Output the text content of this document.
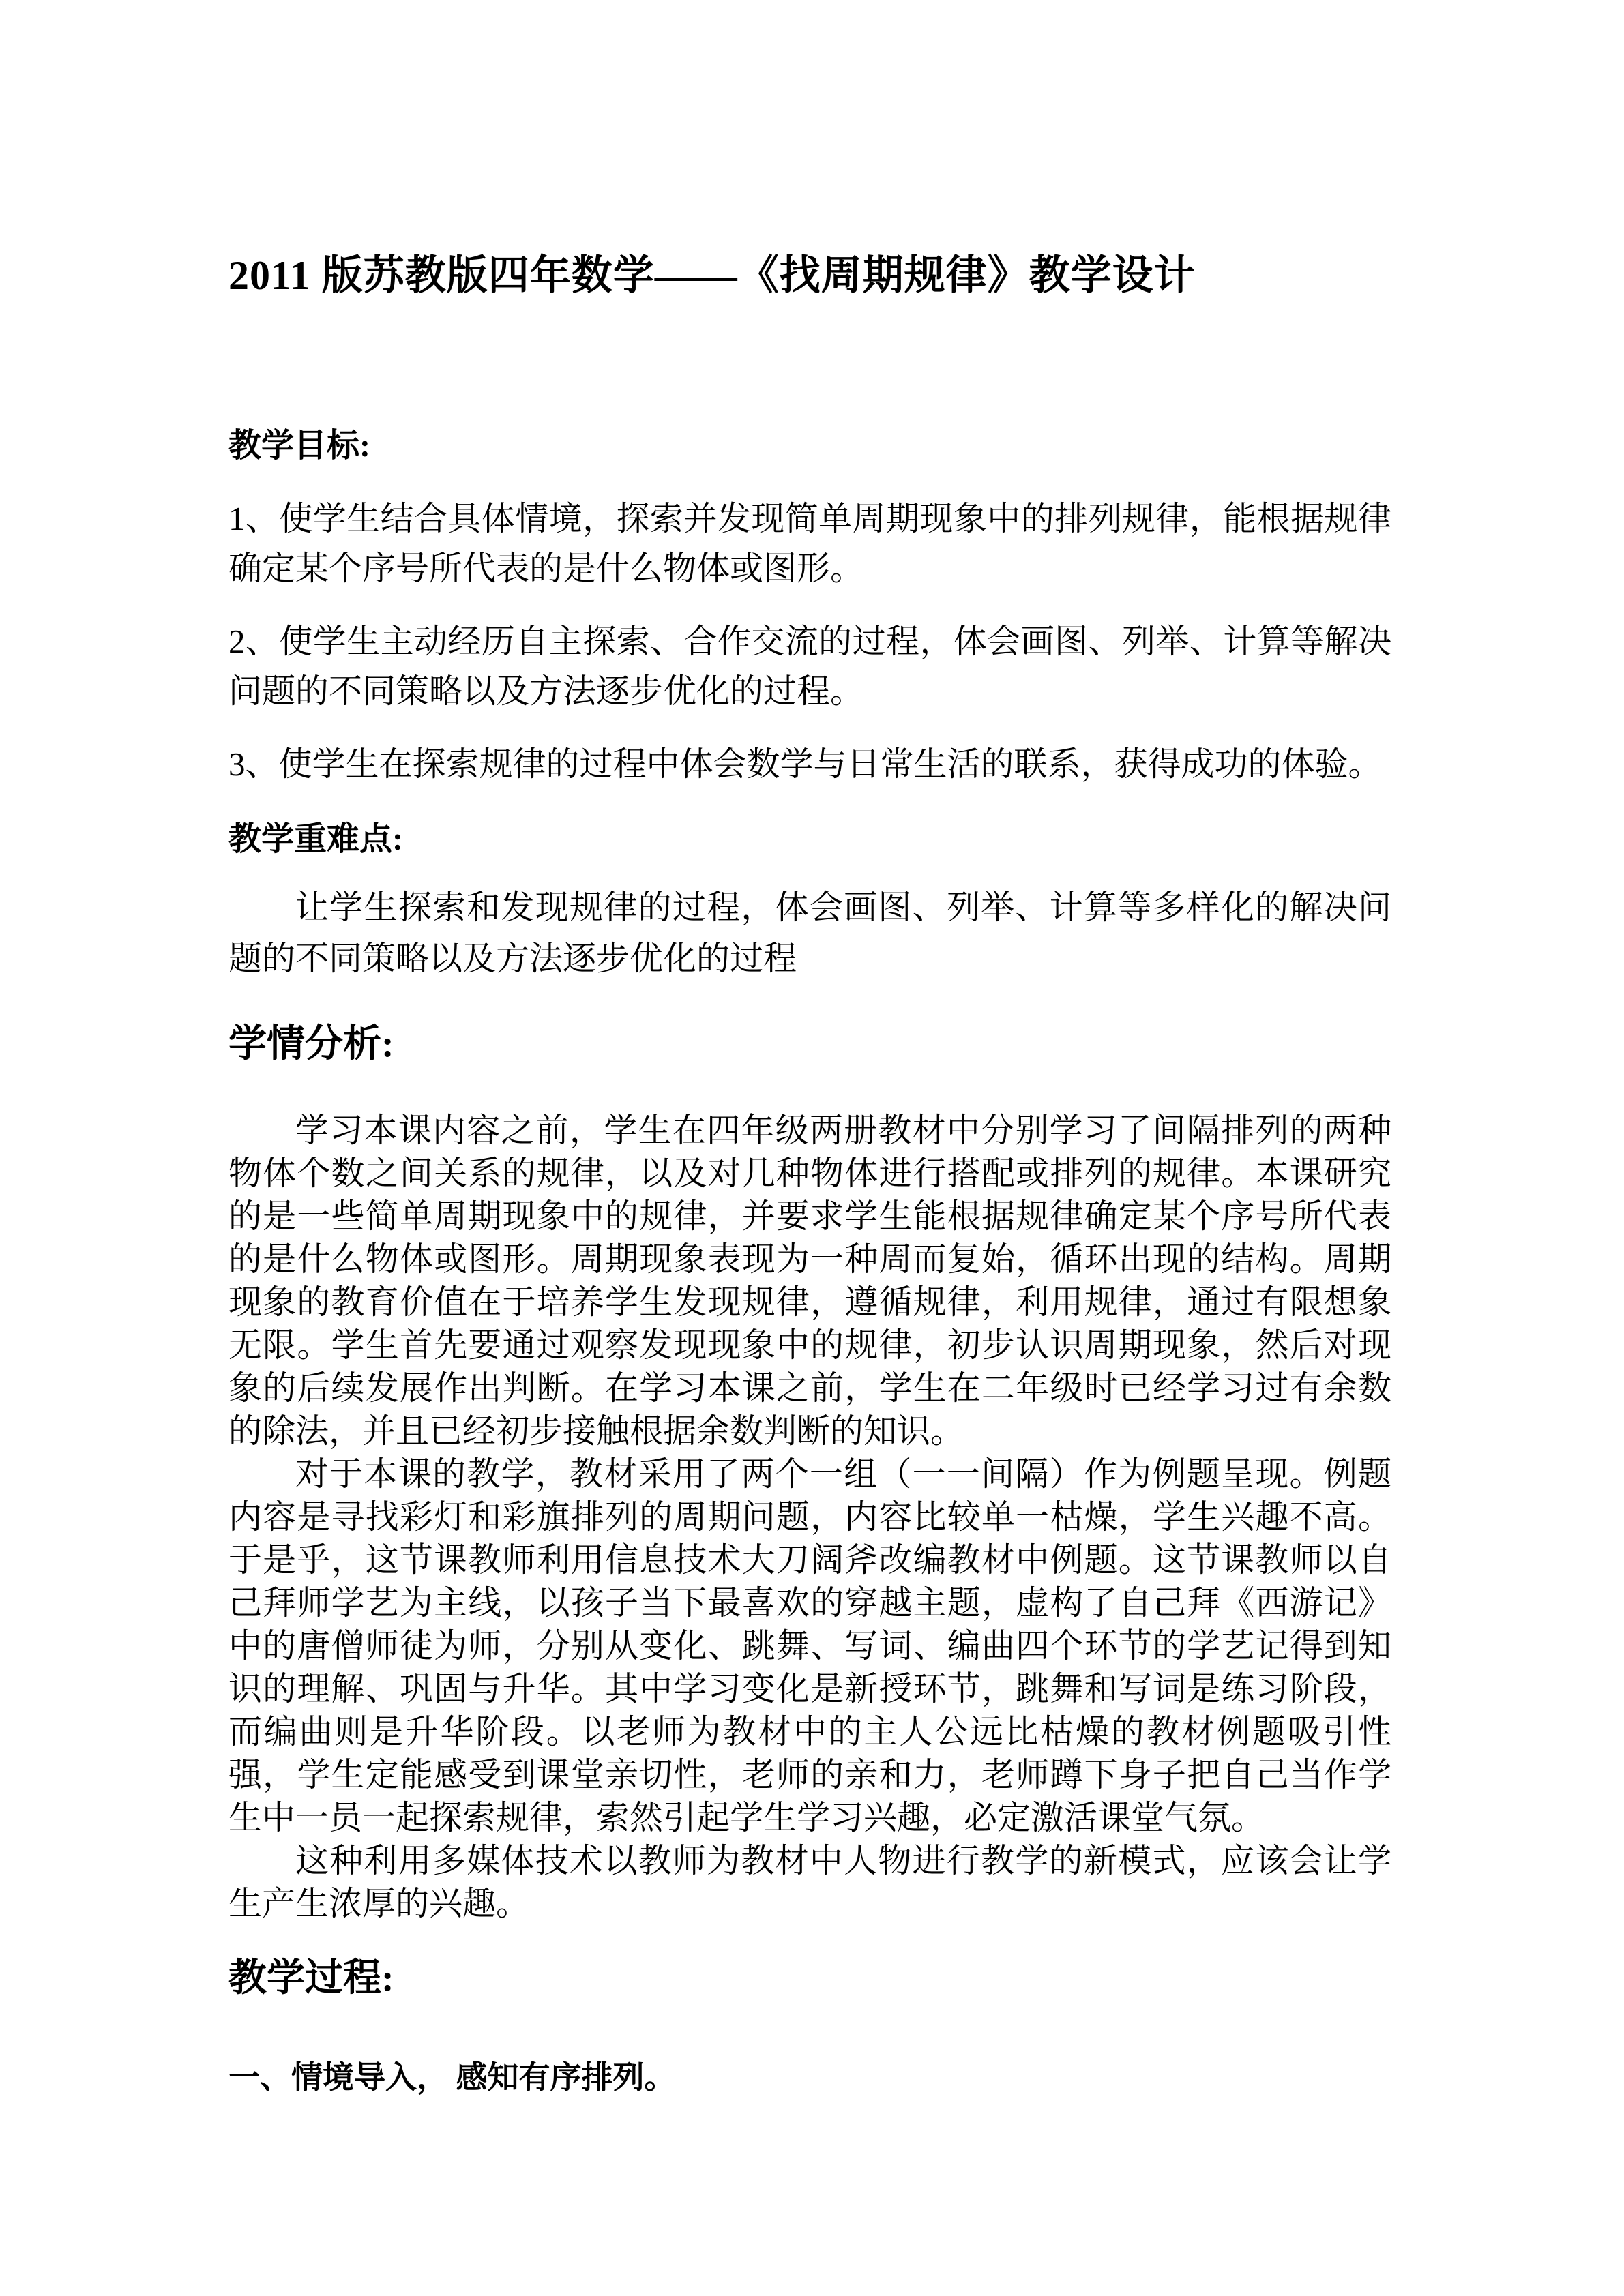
2011 版苏教版四年数学——《找周期规律》教学设计
教学目标:

1、使学生结合具体情境，探索并发现简单周期现象中的排列规律，能根据规律确定某个序号所代表的是什么物体或图形。

2、使学生主动经历自主探索、合作交流的过程，体会画图、列举、计算等解决问题的不同策略以及方法逐步优化的过程。

3、使学生在探索规律的过程中体会数学与日常生活的联系，获得成功的体验。

教学重难点:

让学生探索和发现规律的过程，体会画图、列举、计算等多样化的解决问题的不同策略以及方法逐步优化的过程

学情分析:

学习本课内容之前，学生在四年级两册教材中分别学习了间隔排列的两种物体个数之间关系的规律，以及对几种物体进行搭配或排列的规律。本课研究的是一些简单周期现象中的规律，并要求学生能根据规律确定某个序号所代表的是什么物体或图形。周期现象表现为一种周而复始，循环出现的结构。周期现象的教育价值在于培养学生发现规律，遵循规律，利用规律，通过有限想象无限。学生首先要通过观察发现现象中的规律，初步认识周期现象，然后对现象的后续发展作出判断。在学习本课之前，学生在二年级时已经学习过有余数的除法，并且已经初步接触根据余数判断的知识。

对于本课的教学，教材采用了两个一组（一一间隔）作为例题呈现。例题内容是寻找彩灯和彩旗排列的周期问题，内容比较单一枯燥，学生兴趣不高。于是乎，这节课教师利用信息技术大刀阔斧改编教材中例题。这节课教师以自己拜师学艺为主线，以孩子当下最喜欢的穿越主题，虚构了自己拜《西游记》中的唐僧师徒为师，分别从变化、跳舞、写词、编曲四个环节的学艺记得到知识的理解、巩固与升华。其中学习变化是新授环节，跳舞和写词是练习阶段，而编曲则是升华阶段。以老师为教材中的主人公远比枯燥的教材例题吸引性强，学生定能感受到课堂亲切性，老师的亲和力，老师蹲下身子把自己当作学生中一员一起探索规律，索然引起学生学习兴趣，必定激活课堂气氛。

这种利用多媒体技术以教师为教材中人物进行教学的新模式，应该会让学生产生浓厚的兴趣。

教学过程:

一、情境导入， 感知有序排列。
